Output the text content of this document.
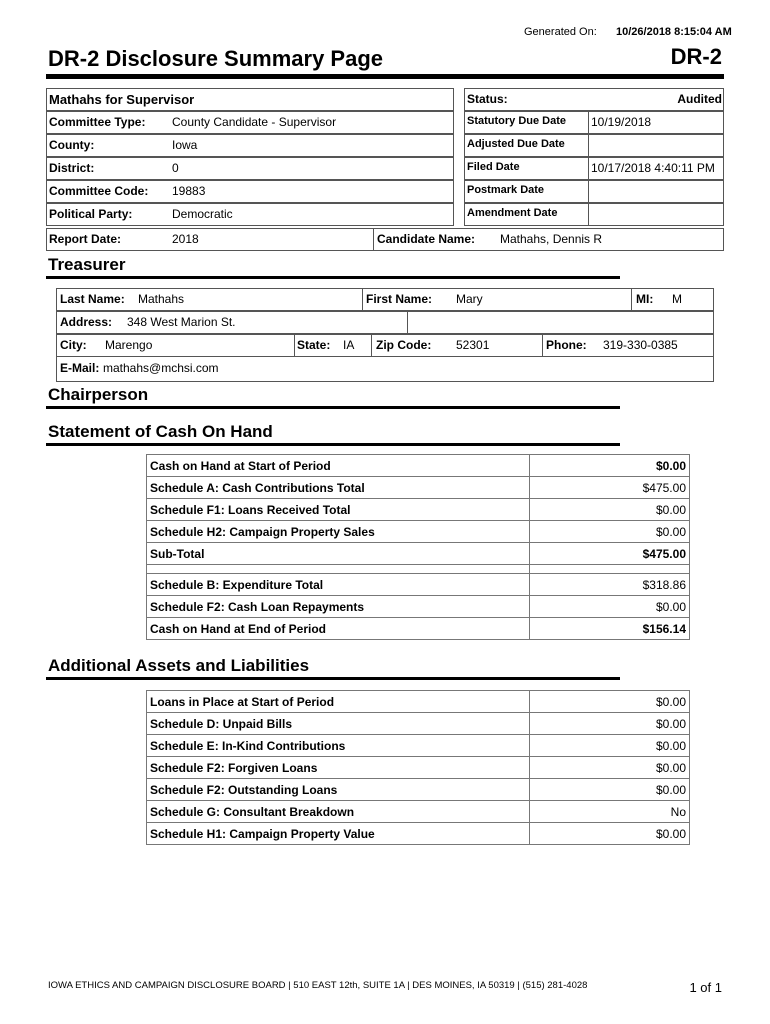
Generated On: 10/26/2018 8:15:04 AM
DR-2 Disclosure Summary Page	DR-2
Mathahs for Supervisor
Committee Type: County Candidate - Supervisor
County:	Iowa
District:	0
Committee Code: 19883
Political Party:	Democratic
Status:	Audited
Statutory Due Date 10/19/2018
Adjusted Due Date
Filed Date	10/17/2018 4:40:11 PM
Postmark Date
Amendment Date
Report Date:	2018	Candidate Name: Mathahs, Dennis R
Treasurer
Last Name: Mathahs	First Name: Mary	MI: M
Address: 348 West Marion St.
City: Marengo	State: IA Zip Code: 52301	Phone: 319-330-0385
E-Mail: mathahs@mchsi.com
Chairperson
Statement of Cash On Hand
Cash on Hand at Start of Period	$0.00
Schedule A: Cash Contributions Total	$475.00
Schedule F1: Loans Received Total	$0.00
Schedule H2: Campaign Property Sales	$0.00
Sub-Total	$475.00

Schedule B: Expenditure Total	$318.86
Schedule F2: Cash Loan Repayments	$0.00
Cash on Hand at End of Period	$156.14
Additional Assets and Liabilities
Loans in Place at Start of Period	$0.00
Schedule D: Unpaid Bills	$0.00
Schedule E: In-Kind Contributions	$0.00
Schedule F2: Forgiven Loans	$0.00
Schedule F2: Outstanding Loans	$0.00
Schedule G: Consultant Breakdown	No
Schedule H1: Campaign Property Value	$0.00
IOWA ETHICS AND CAMPAIGN DISCLOSURE BOARD | 510 EAST 12th, SUITE 1A | DES MOINES, IA 50319 | (515) 281-4028	1 of 1
